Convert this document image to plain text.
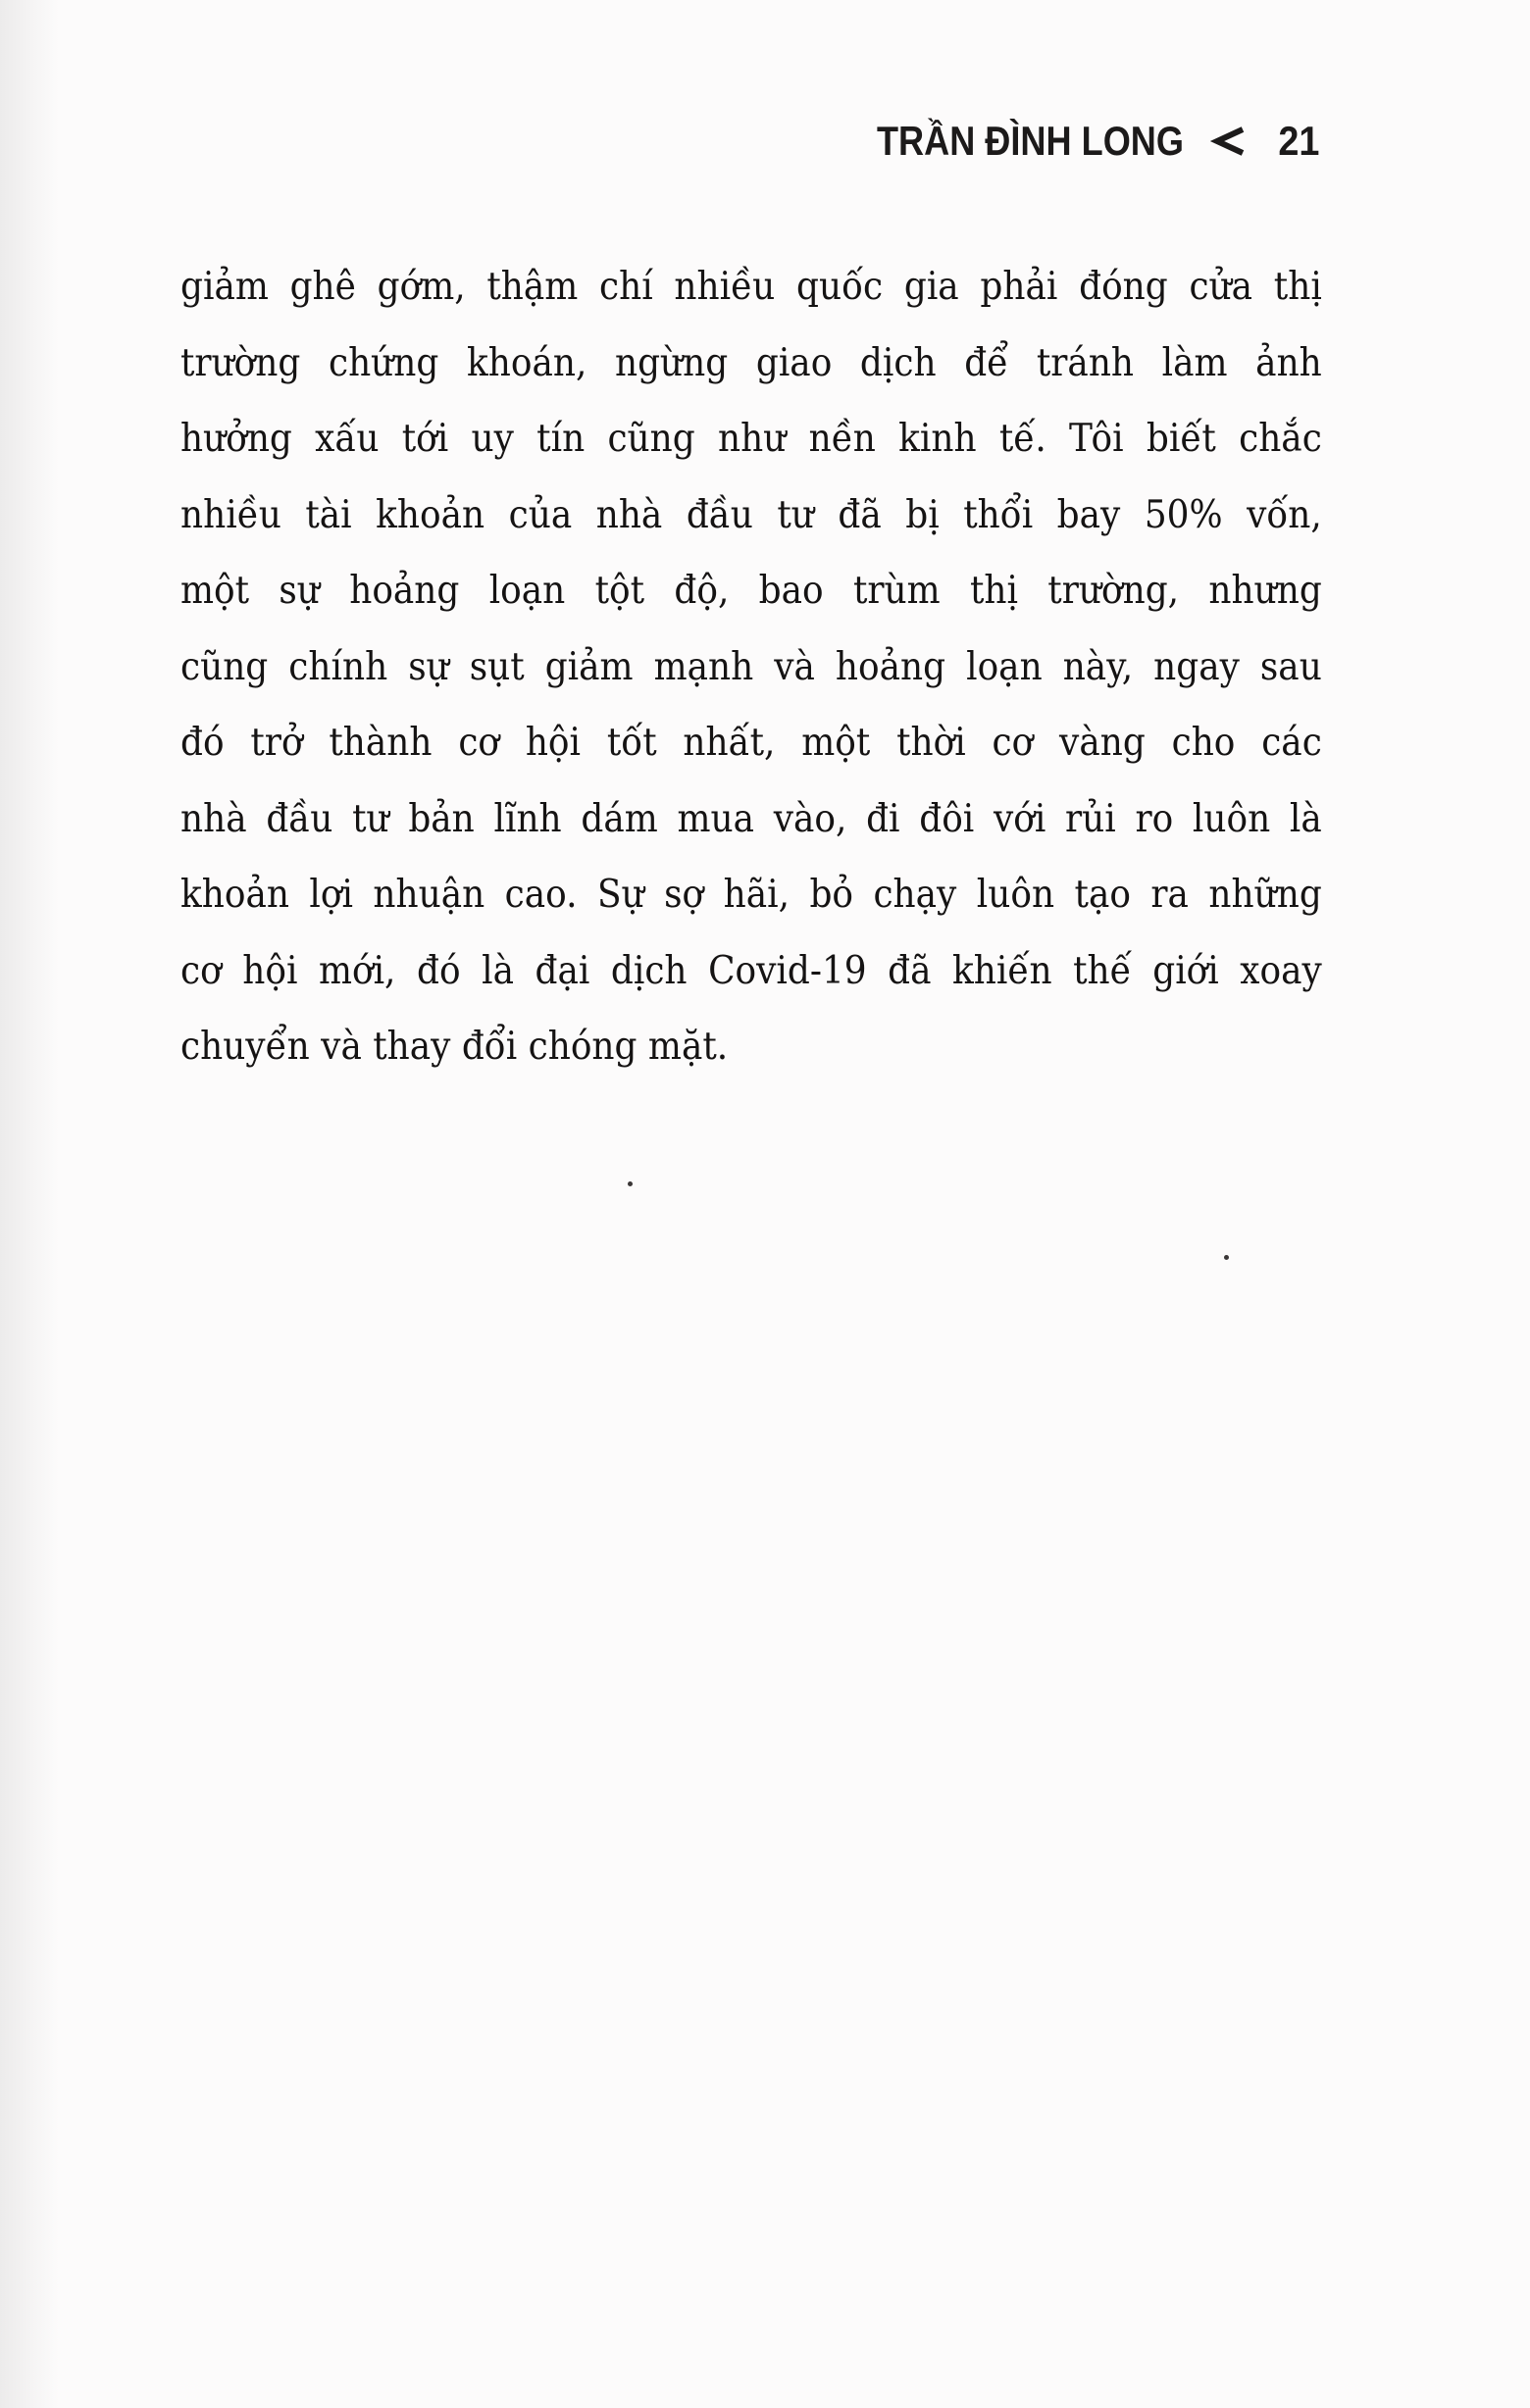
TRẦN ĐÌNH LONG 21
giảm ghê gớm, thậm chí nhiều quốc gia phải đóng cửa thị
trường chứng khoán, ngừng giao dịch để tránh làm ảnh
hưởng xấu tới uy tín cũng như nền kinh tế. Tôi biết chắc
nhiều tài khoản của nhà đầu tư đã bị thổi bay 50% vốn,
một sự hoảng loạn tột độ, bao trùm thị trường, nhưng
cũng chính sự sụt giảm mạnh và hoảng loạn này, ngay sau
đó trở thành cơ hội tốt nhất, một thời cơ vàng cho các
nhà đầu tư bản lĩnh dám mua vào, đi đôi với rủi ro luôn là
khoản lợi nhuận cao. Sự sợ hãi, bỏ chạy luôn tạo ra những
cơ hội mới, đó là đại dịch Covid-19 đã khiến thế giới xoay
chuyển và thay đổi chóng mặt.
